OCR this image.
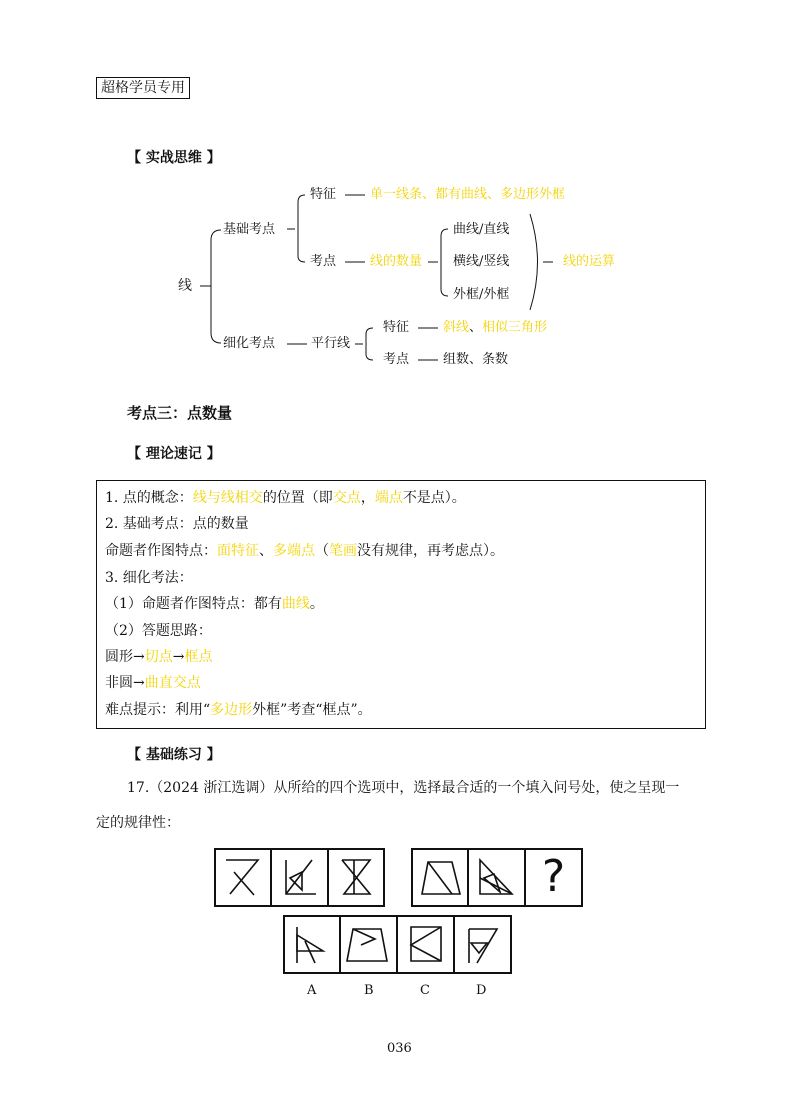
超格学员专用
【 实战思维 】
线
基础考点
特征	单一线条、都有曲线、多边形外框
考点	线的数量
曲线/直线
横线/竖线
外框/外框
线的运算
细化考点	平行线
特征	斜线、相似三角形
考点	组数、条数
考点三：点数量
【 理论速记 】
1. 点的概念：线与线相交的位置（即交点，端点不是点）。
2. 基础考点：点的数量
命题者作图特点：面特征、多端点（笔画没有规律，再考虑点）。
3. 细化考法：
（1）命题者作图特点：都有曲线。
（2）答题思路：
圆形→切点→框点
非圆→曲直交点
难点提示：利用“多边形外框”考查“框点”。
【 基础练习 】
17.（2024 浙江选调）从所给的四个选项中，选择最合适的一个填入问号处，使之呈现一
定的规律性：
?
A	B	C	D
036
